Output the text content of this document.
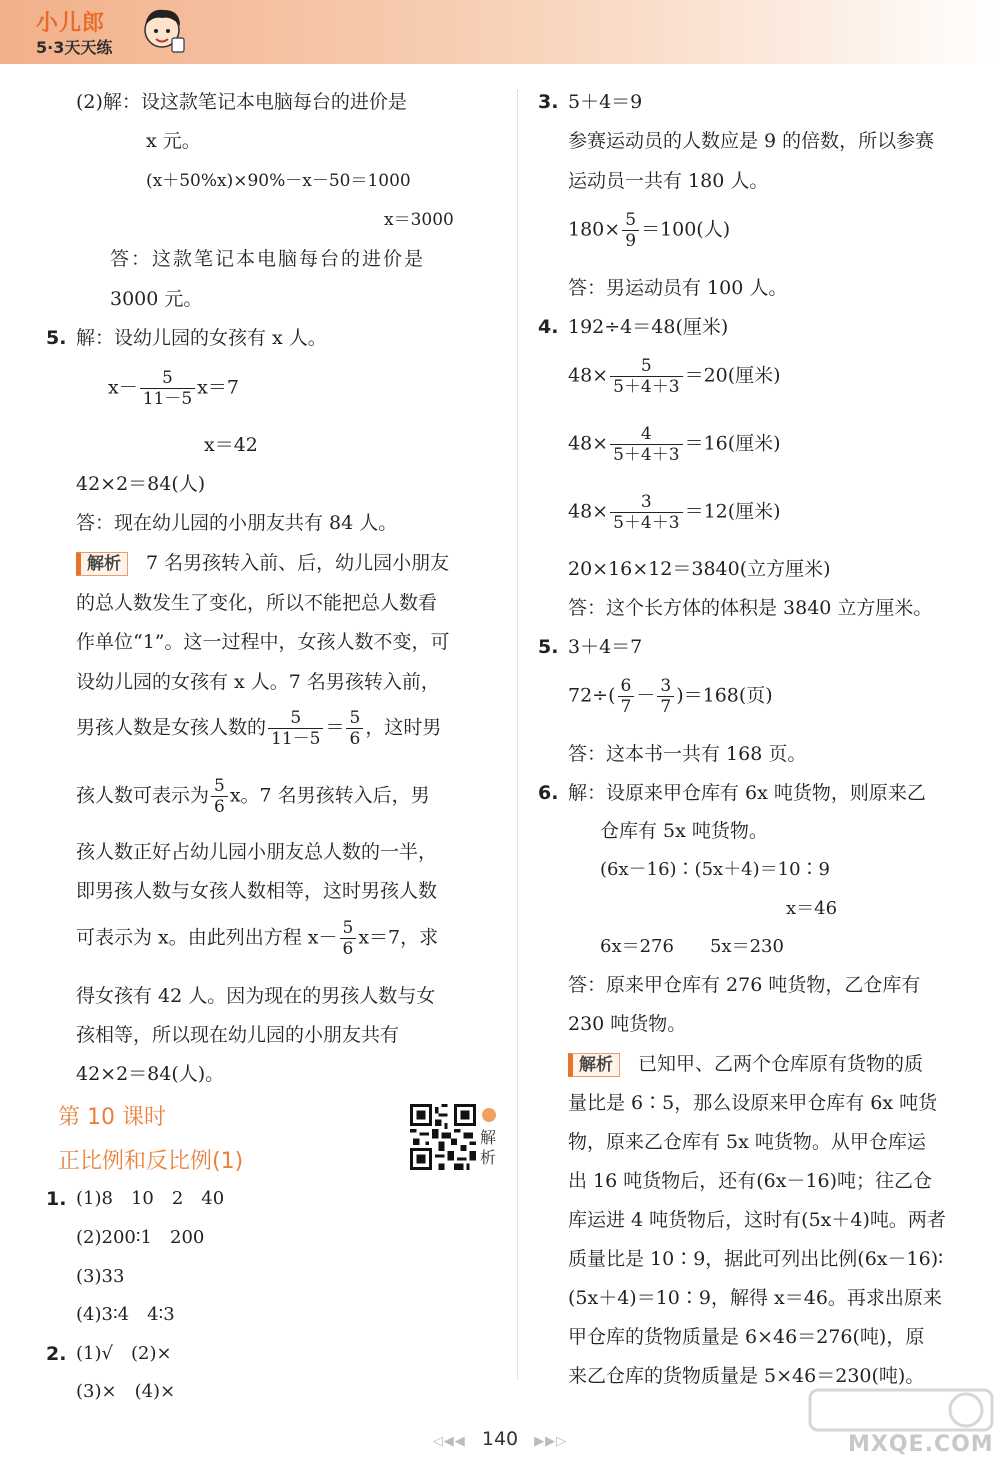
小儿郎
5·3天天练
(2)解：设这款笔记本电脑每台的进价是
x 元。
(x＋50%x)×90%－x－50＝1000
x＝3000
答：这款笔记本电脑每台的进价是
3000 元。
5. 解：设幼儿园的女孩有 x 人。
$x- \frac{5}{11-5} x=7$
x＝42
42×2＝84(人)
答：现在幼儿园的小朋友共有 84 人。
解析 7 名男孩转入前、后，幼儿园小朋友
的总人数发生了变化，所以不能把总人数看
作单位“1”。这一过程中，女孩人数不变，可
设幼儿园的女孩有 x 人。7 名男孩转入前，
男孩人数是女孩人数的 $\frac{5}{11-5} = \frac{5}{6}$ ，这时男
孩人数可表示为 $\frac{5}{6}$ x。7 名男孩转入后，男
孩人数正好占幼儿园小朋友总人数的一半，
即男孩人数与女孩人数相等，这时男孩人数
可表示为 x。由此列出方程 $x- \frac{5}{6} x=7$，求
得女孩有 42 人。因为现在的男孩人数与女
孩相等，所以现在幼儿园的小朋友共有
42×2＝84(人)。
第 10 课时
正比例和反比例(1)
解析
1. (1)8　10　2　40
(2)200∶1　200
(3)33
(4)3∶4　4∶3
2. (1)√　(2)×
(3)×　(4)×
3. 5＋4＝9
参赛运动员的人数应是 9 的倍数，所以参赛
运动员一共有 180 人。
$180\times \frac{5}{9} =100$(人)
答：男运动员有 100 人。
4. 192÷4＝48(厘米)
$48\times \frac{5}{5+4+3} =20$(厘米)
$48\times \frac{4}{5+4+3} =16$(厘米)
$48\times \frac{3}{5+4+3} =12$(厘米)
20×16×12＝3840(立方厘米)
答：这个长方体的体积是 3840 立方厘米。
5. 3＋4＝7
$72\div( \frac{6}{7} - \frac{3}{7} )=168$(页)
答：这本书一共有 168 页。
6. 解：设原来甲仓库有 6x 吨货物，则原来乙
仓库有 5x 吨货物。
(6x－16)∶(5x＋4)＝10∶9
x＝46
6x＝276　　5x＝230
答：原来甲仓库有 276 吨货物，乙仓库有
230 吨货物。
解析 已知甲、乙两个仓库原有货物的质
量比是 6∶5，那么设原来甲仓库有 6x 吨货
物，原来乙仓库有 5x 吨货物。从甲仓库运
出 16 吨货物后，还有(6x－16)吨；往乙仓
库运进 4 吨货物后，这时有(5x＋4)吨。两者
质量比是 10∶9，据此可列出比例(6x－16)∶
(5x＋4)＝10∶9，解得 x＝46。再求出原来
甲仓库的货物质量是 6×46＝276(吨)，原
来乙仓库的货物质量是 5×46＝230(吨)。
◁◀◀ 140 ▶▶▷	MXQE.COM
